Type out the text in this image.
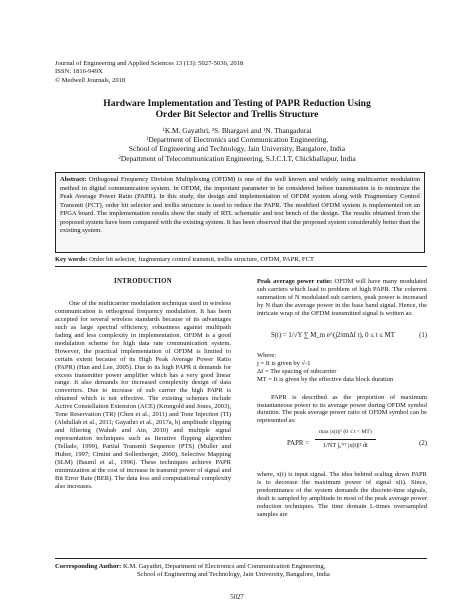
Journal of Engineering and Applied Sciences 13 (13): 5027-5036, 2018
ISSN: 1816-949X
© Medwell Journals, 2018
Hardware Implementation and Testing of PAPR Reduction Using
Order Bit Selector and Trellis Structure
$^1$K.M. Gayathri, ²S. Bhargavi and ¹N. Thangadurai
$^1$Department of Electronics and Communication Engineering,
School of Engineering and Technology, Jain University, Bangalore, India
$^2$Department of Telecommunication Engineering, S.J.C.I.T, Chickballapur, India
Abstract: Orthogonal Frequency Division Multiplexing (OFDM) is one of the well known and widely using multicarrier modulation method in digital communication system. In OFDM, the important parameter to be considered before transmission is to minimize the Peak Average Power Ratio (PAPR). In this study, the design and implementation of OFDM system along with Fragmentary Control Transmit (FCT), order bit selector and trellis structure is used to reduce the PAPR. The modified OFDM system is implemented on an FPGA board. The implementation results show the study of RTL schematic and test bench of the design. The results obtained from the proposed system have been compared with the existing system. It has been observed that the proposed system considerably better than the existing system.
Key words: Order bit selector, fragmentary control transmit, trellis structure, OFDM, PAPR, FCT
INTRODUCTION

One of the multicarrier modulation technique used in wireless communication is orthogonal frequency modulation. It has been accepted for several wireless standards because of its advantages such as large spectral efficiency, robustness against multipath fading and less complexity in implementation. OFDM is a good modulation scheme for high data rate communication system. However, the practical implementation of OFDM is limited to certain extent because of its High Peak Average Power Ratio (PAPR) (Han and Lee, 2005). Due to its high PAPR it demands for excess transmitter power amplifier which has a very good linear range. It also demands for increased complexity design of data converters. Due to increase of sub carrier the high PAPR is obtained which is not effective. The existing schemes include Active Constellation Extension (ACE) (Krongold and Jones, 2003), Tone Reservation (TR) (Chen et al., 2011) and Tone Injection (TI) (Abdullah et al., 2011; Gayathri et al., 2017a, b) amplitude clipping and filtering (Wahab and Ain, 2010) and multiple signal representation techniques such as Iterative flipping algorithm (Tellado, 1999), Partial Transmit Sequence (PTS) (Muller and Huber, 1997; Cimini and Sollenberger, 2000), Selective Mapping (SLM) (Bauml et al., 1996). These techniques achieve PAPR minimization at the cost of increase in transmit power of signal and Bit Error Rate (BER). The data loss and computational complexity also increases.

Peak average power ratio: OFDM will have many modulated sub carriers which lead to problem of high PAPR. The coherent summation of N modulated sub carriers, peak power is increased by N than the average power in the base band signal. Hence, the intricate wrap of the OFDM transmitted signal is written as:

S(t) = 1/√Y ∑ M_m e^(j2πmΔf t), 0 ≤ t ≤ MT	(1)
Where:
j = It is given by √-1
Δf = The spacing of subcarrier
MT = It is given by the effective data block duration

PAPR is described as the proportion of maximum instantaneous power to its average power during OFDM symbol duration. The peak average power ratio of OFDM symbol can be represented as:

PAPR =
max |x(t)|² (0 ≤ t < MT)
1/NT ∫₀ᴺᵀ |x(t)|² dt	(2)

where, x(t) is input signal. The idea behind scaling down PAPR is to decrease the maximum power of signal x(t). Since, predominance of the system demands the discrete-time signals, dealt is sampled by amplitude in most of the peak average power reduction techniques. The time domain L-times oversampled samples are

Corresponding Author: K.M. Gayathri, Department of Electronics and Communication Engineering,
School of Engineering and Technology, Jain University, Bangalore, India
5027
